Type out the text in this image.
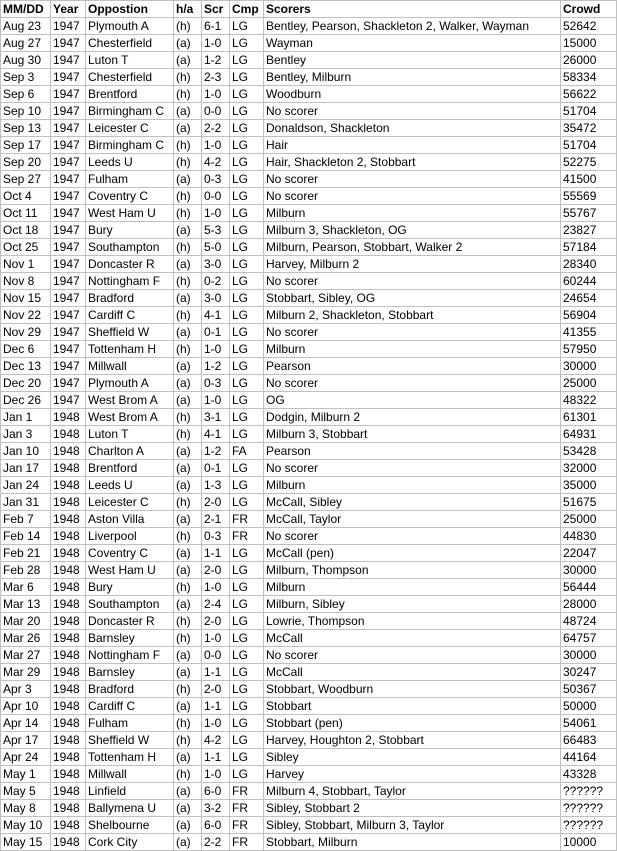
MM/DD	Year	Oppostion	h/a	Scr	Cmp	Scorers	Crowd
Aug 23	1947	Plymouth A	(h)	6-1	LG	Bentley, Pearson, Shackleton 2, Walker, Wayman	52642
Aug 27	1947	Chesterfield	(a)	1-0	LG	Wayman	15000
Aug 30	1947	Luton T	(a)	1-2	LG	Bentley	26000
Sep 3	1947	Chesterfield	(h)	2-3	LG	Bentley, Milburn	58334
Sep 6	1947	Brentford	(h)	1-0	LG	Woodburn	56622
Sep 10	1947	Birmingham C	(a)	0-0	LG	No scorer	51704
Sep 13	1947	Leicester C	(a)	2-2	LG	Donaldson, Shackleton	35472
Sep 17	1947	Birmingham C	(h)	1-0	LG	Hair	51704
Sep 20	1947	Leeds U	(h)	4-2	LG	Hair, Shackleton 2, Stobbart	52275
Sep 27	1947	Fulham	(a)	0-3	LG	No scorer	41500
Oct 4	1947	Coventry C	(h)	0-0	LG	No scorer	55569
Oct 11	1947	West Ham U	(h)	1-0	LG	Milburn	55767
Oct 18	1947	Bury	(a)	5-3	LG	Milburn 3, Shackleton, OG	23827
Oct 25	1947	Southampton	(h)	5-0	LG	Milburn, Pearson, Stobbart, Walker 2	57184
Nov 1	1947	Doncaster R	(a)	3-0	LG	Harvey, Milburn 2	28340
Nov 8	1947	Nottingham F	(h)	0-2	LG	No scorer	60244
Nov 15	1947	Bradford	(a)	3-0	LG	Stobbart, Sibley, OG	24654
Nov 22	1947	Cardiff C	(h)	4-1	LG	Milburn 2, Shackleton, Stobbart	56904
Nov 29	1947	Sheffield W	(a)	0-1	LG	No scorer	41355
Dec 6	1947	Tottenham H	(h)	1-0	LG	Milburn	57950
Dec 13	1947	Millwall	(a)	1-2	LG	Pearson	30000
Dec 20	1947	Plymouth A	(a)	0-3	LG	No scorer	25000
Dec 26	1947	West Brom A	(a)	1-0	LG	OG	48322
Jan 1	1948	West Brom A	(h)	3-1	LG	Dodgin, Milburn 2	61301
Jan 3	1948	Luton T	(h)	4-1	LG	Milburn 3, Stobbart	64931
Jan 10	1948	Charlton A	(a)	1-2	FA	Pearson	53428
Jan 17	1948	Brentford	(a)	0-1	LG	No scorer	32000
Jan 24	1948	Leeds U	(a)	1-3	LG	Milburn	35000
Jan 31	1948	Leicester C	(h)	2-0	LG	McCall, Sibley	51675
Feb 7	1948	Aston Villa	(a)	2-1	FR	McCall, Taylor	25000
Feb 14	1948	Liverpool	(h)	0-3	FR	No scorer	44830
Feb 21	1948	Coventry C	(a)	1-1	LG	McCall (pen)	22047
Feb 28	1948	West Ham U	(a)	2-0	LG	Milburn, Thompson	30000
Mar 6	1948	Bury	(h)	1-0	LG	Milburn	56444
Mar 13	1948	Southampton	(a)	2-4	LG	Milburn, Sibley	28000
Mar 20	1948	Doncaster R	(h)	2-0	LG	Lowrie, Thompson	48724
Mar 26	1948	Barnsley	(h)	1-0	LG	McCall	64757
Mar 27	1948	Nottingham F	(a)	0-0	LG	No scorer	30000
Mar 29	1948	Barnsley	(a)	1-1	LG	McCall	30247
Apr 3	1948	Bradford	(h)	2-0	LG	Stobbart, Woodburn	50367
Apr 10	1948	Cardiff C	(a)	1-1	LG	Stobbart	50000
Apr 14	1948	Fulham	(h)	1-0	LG	Stobbart (pen)	54061
Apr 17	1948	Sheffield W	(h)	4-2	LG	Harvey, Houghton 2, Stobbart	66483
Apr 24	1948	Tottenham H	(a)	1-1	LG	Sibley	44164
May 1	1948	Millwall	(h)	1-0	LG	Harvey	43328
May 5	1948	Linfield	(a)	6-0	FR	Milburn 4, Stobbart, Taylor	??????
May 8	1948	Ballymena U	(a)	3-2	FR	Sibley, Stobbart 2	??????
May 10	1948	Shelbourne	(a)	6-0	FR	Sibley, Stobbart, Milburn 3, Taylor	??????
May 15	1948	Cork City	(a)	2-2	FR	Stobbart, Milburn	10000
